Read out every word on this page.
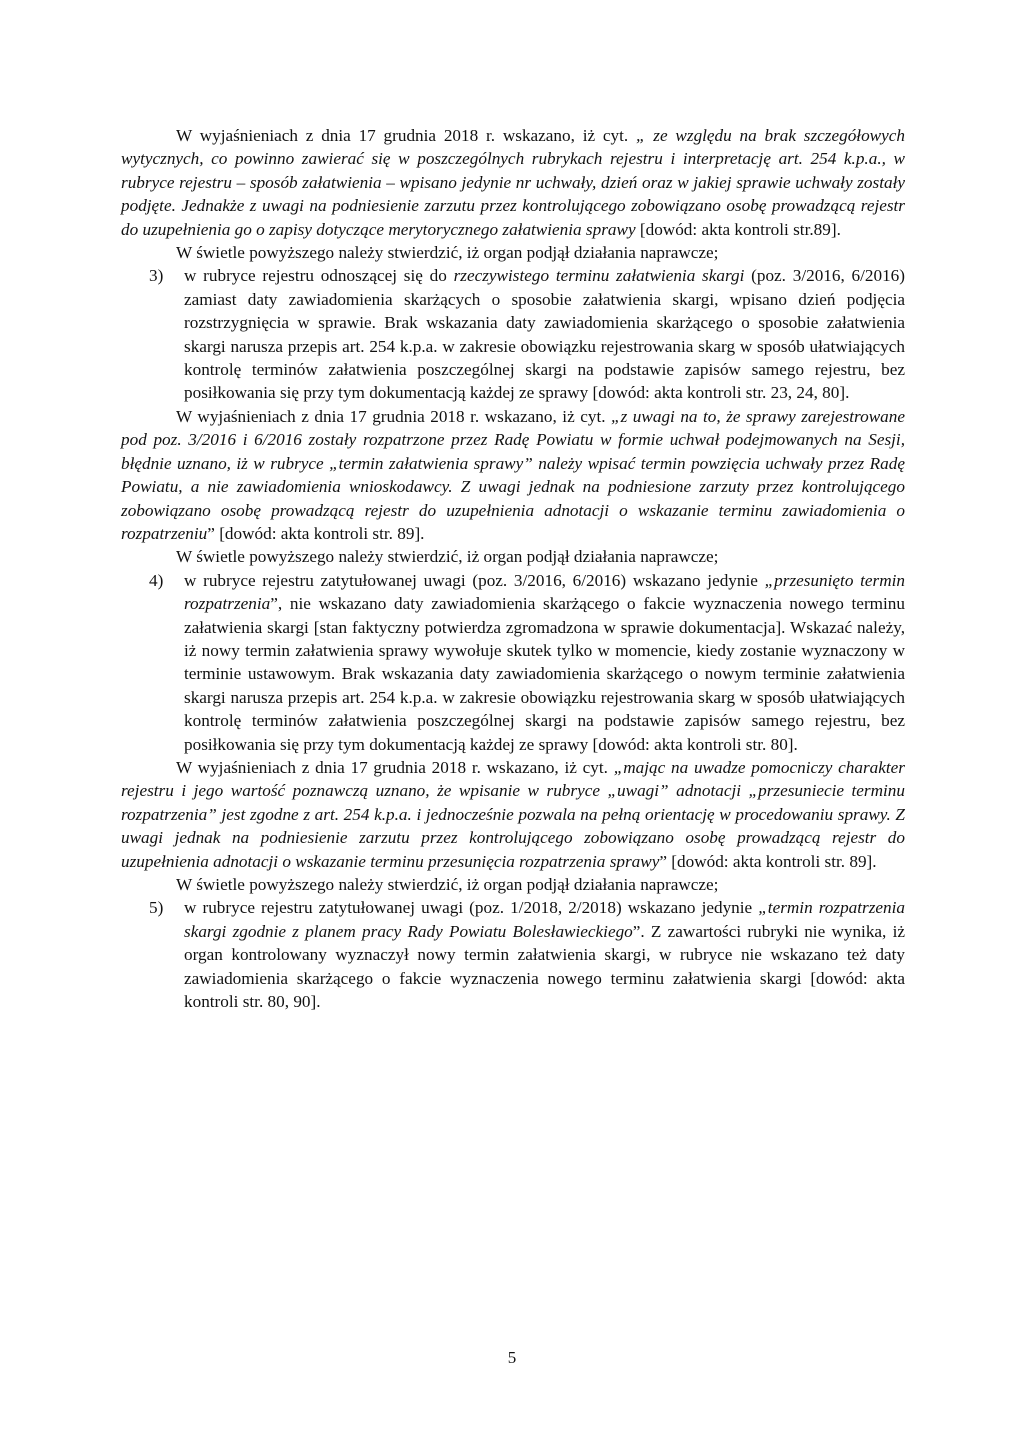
W wyjaśnieniach z dnia 17 grudnia 2018 r. wskazano, iż cyt. „ ze względu na brak szczegółowych wytycznych, co powinno zawierać się w poszczególnych rubrykach rejestru i interpretację art. 254 k.p.a., w rubryce rejestru – sposób załatwienia – wpisano jedynie nr uchwały, dzień oraz w jakiej sprawie uchwały zostały podjęte. Jednakże z uwagi na podniesienie zarzutu przez kontrolującego zobowiązano osobę prowadzącą rejestr do uzupełnienia go o zapisy dotyczące merytorycznego załatwienia sprawy [dowód: akta kontroli str.89].

W świetle powyższego należy stwierdzić, iż organ podjął działania naprawcze;

3) w rubryce rejestru odnoszącej się do rzeczywistego terminu załatwienia skargi (poz. 3/2016, 6/2016) zamiast daty zawiadomienia skarżących o sposobie załatwienia skargi, wpisano dzień podjęcia rozstrzygnięcia w sprawie. Brak wskazania daty zawiadomienia skarżącego o sposobie załatwienia skargi narusza przepis art. 254 k.p.a. w zakresie obowiązku rejestrowania skarg w sposób ułatwiających kontrolę terminów załatwienia poszczególnej skargi na podstawie zapisów samego rejestru, bez posiłkowania się przy tym dokumentacją każdej ze sprawy [dowód: akta kontroli str. 23, 24, 80].

W wyjaśnieniach z dnia 17 grudnia 2018 r. wskazano, iż cyt. „z uwagi na to, że sprawy zarejestrowane pod poz. 3/2016 i 6/2016 zostały rozpatrzone przez Radę Powiatu w formie uchwał podejmowanych na Sesji, błędnie uznano, iż w rubryce „termin załatwienia sprawy” należy wpisać termin powzięcia uchwały przez Radę Powiatu, a nie zawiadomienia wnioskodawcy. Z uwagi jednak na podniesione zarzuty przez kontrolującego zobowiązano osobę prowadzącą rejestr do uzupełnienia adnotacji o wskazanie terminu zawiadomienia o rozpatrzeniu” [dowód: akta kontroli str. 89].

W świetle powyższego należy stwierdzić, iż organ podjął działania naprawcze;

4) w rubryce rejestru zatytułowanej uwagi (poz. 3/2016, 6/2016) wskazano jedynie „przesunięto termin rozpatrzenia”, nie wskazano daty zawiadomienia skarżącego o fakcie wyznaczenia nowego terminu załatwienia skargi [stan faktyczny potwierdza zgromadzona w sprawie dokumentacja]. Wskazać należy, iż nowy termin załatwienia sprawy wywołuje skutek tylko w momencie, kiedy zostanie wyznaczony w terminie ustawowym. Brak wskazania daty zawiadomienia skarżącego o nowym terminie załatwienia skargi narusza przepis art. 254 k.p.a. w zakresie obowiązku rejestrowania skarg w sposób ułatwiających kontrolę terminów załatwienia poszczególnej skargi na podstawie zapisów samego rejestru, bez posiłkowania się przy tym dokumentacją każdej ze sprawy [dowód: akta kontroli str. 80].

W wyjaśnieniach z dnia 17 grudnia 2018 r. wskazano, iż cyt. „mając na uwadze pomocniczy charakter rejestru i jego wartość poznawczą uznano, że wpisanie w rubryce „uwagi” adnotacji „przesuniecie terminu rozpatrzenia” jest zgodne z art. 254 k.p.a. i jednocześnie pozwala na pełną orientację w procedowaniu sprawy. Z uwagi jednak na podniesienie zarzutu przez kontrolującego zobowiązano osobę prowadzącą rejestr do uzupełnienia adnotacji o wskazanie terminu przesunięcia rozpatrzenia sprawy” [dowód: akta kontroli str. 89].

W świetle powyższego należy stwierdzić, iż organ podjął działania naprawcze;

5) w rubryce rejestru zatytułowanej uwagi (poz. 1/2018, 2/2018) wskazano jedynie „termin rozpatrzenia skargi zgodnie z planem pracy Rady Powiatu Bolesławieckiego”. Z zawartości rubryki nie wynika, iż organ kontrolowany wyznaczył nowy termin załatwienia skargi, w rubryce nie wskazano też daty zawiadomienia skarżącego o fakcie wyznaczenia nowego terminu załatwienia skargi [dowód: akta kontroli str. 80, 90].

5
